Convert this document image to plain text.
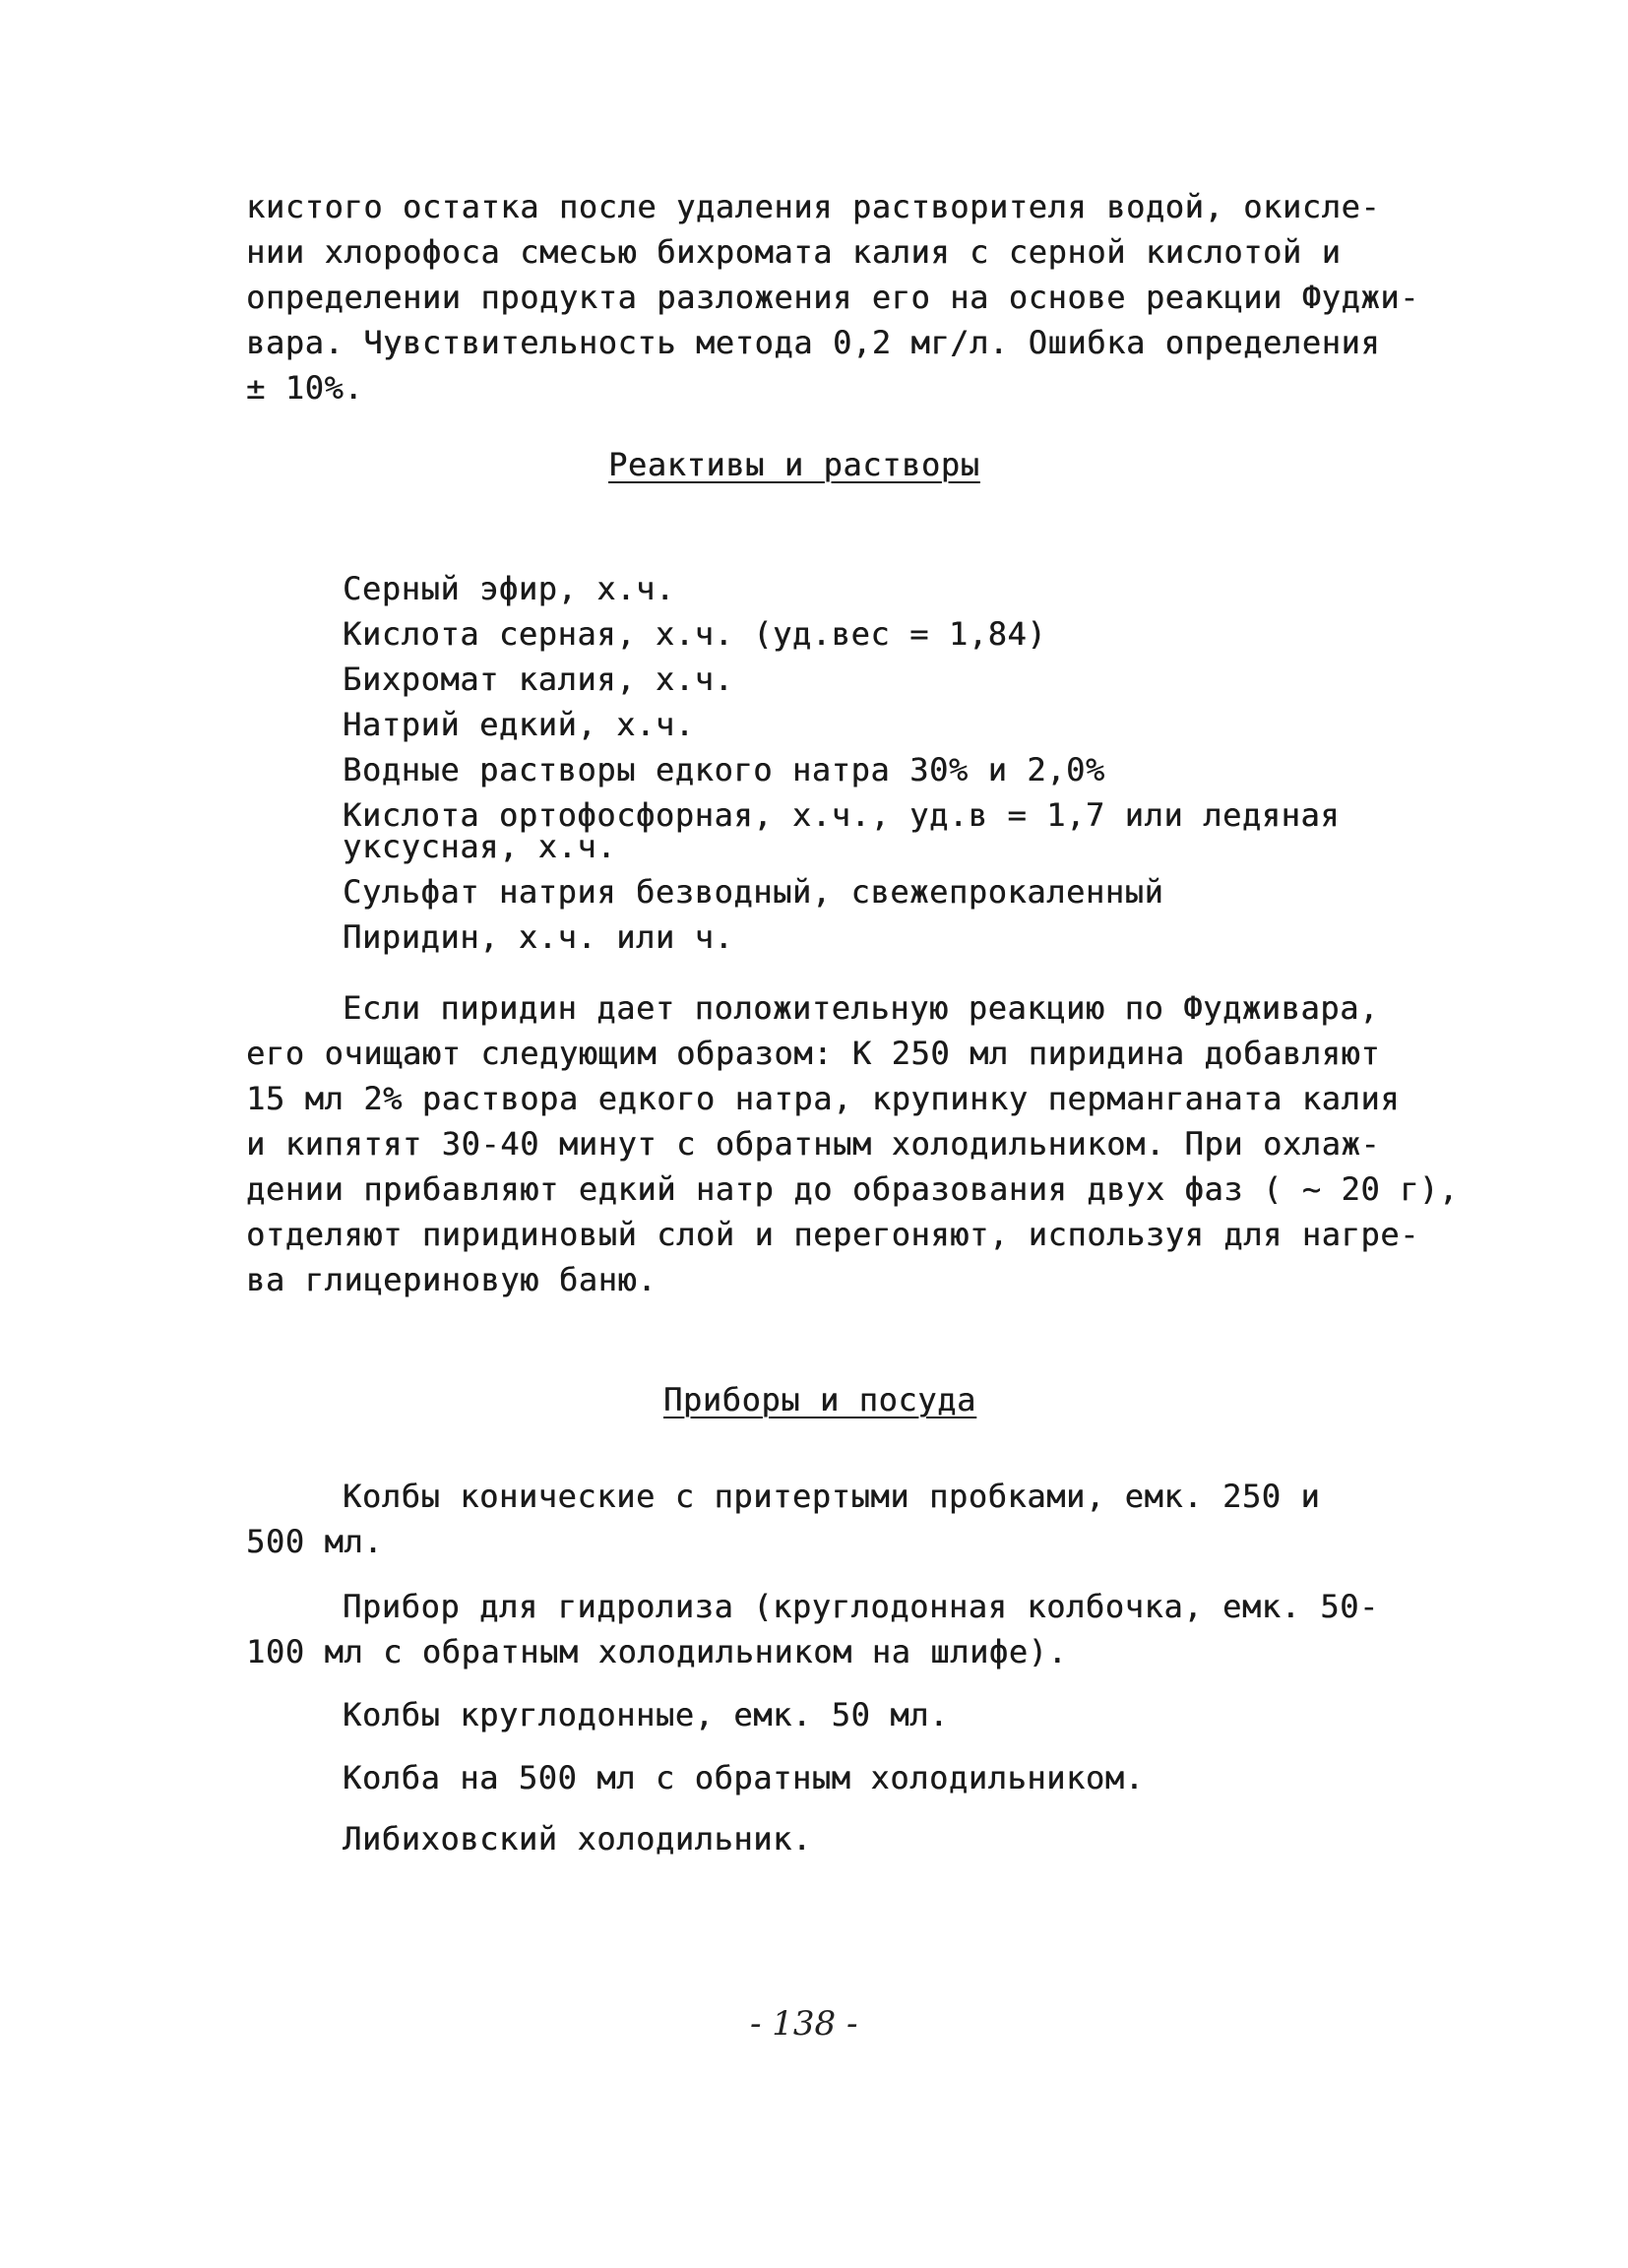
кистого остатка после удаления растворителя водой, окисле-
нии хлорофоса смесью бихромата калия с серной кислотой и
определении продукта разложения его на основе реакции Фуджи-
вара. Чувствительность метода 0,2 мг/л. Ошибка определения
± 10%.
Реактивы и растворы
Серный эфир, х.ч.
Кислота серная, х.ч. (уд.вес = 1,84)
Бихромат калия, х.ч.
Натрий едкий, х.ч.
Водные растворы едкого натра 30% и 2,0%
Кислота ортофосфорная, х.ч., уд.в = 1,7 или ледяная
уксусная, х.ч.
Сульфат натрия безводный, свежепрокаленный
Пиридин, х.ч. или ч.
Если пиридин дает положительную реакцию по Фудживара,
его очищают следующим образом: К 250 мл пиридина добавляют
15 мл 2% раствора едкого натра, крупинку перманганата калия
и кипятят 30-40 минут с обратным холодильником. При охлаж-
дении прибавляют едкий натр до образования двух фаз ( ~ 20 г),
отделяют пиридиновый слой и перегоняют, используя для нагре-
ва глицериновую баню.
Приборы и посуда
Колбы конические с притертыми пробками, емк. 250 и
500 мл.
Прибор для гидролиза (круглодонная колбочка, емк. 50-
100 мл с обратным холодильником на шлифе).
Колбы круглодонные, емк. 50 мл.
Колба на 500 мл с обратным холодильником.
Либиховский холодильник.
- 138 -
